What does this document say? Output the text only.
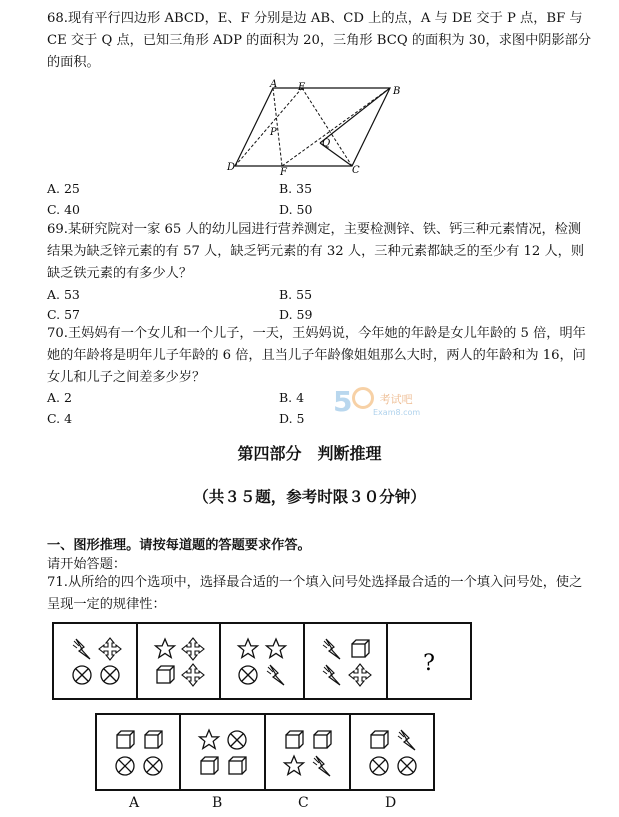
68.现有平行四边形 ABCD，E、F 分别是边 AB、CD 上的点，A 与 DE 交于 P 点，BF 与 CE 交于 Q 点，已知三角形 ADP 的面积为 20，三角形 BCQ 的面积为 30，求图中阴影部分的面积。
A E	B
P
Q
D	F	C
A. 25	B. 35
C. 40	D. 50
69.某研究院对一家 65 人的幼儿园进行营养测定，主要检测锌、铁、钙三种元素情况，检测结果为缺乏锌元素的有 57 人，缺乏钙元素的有 32 人，三种元素都缺乏的至少有 12 人，则缺乏铁元素的有多少人？
A. 53	B. 55
C. 57	D. 59
70.王妈妈有一个女儿和一个儿子，一天，王妈妈说，今年她的年龄是女儿年龄的 5 倍，明年她的年龄将是明年儿子年龄的 6 倍，且当儿子年龄像姐姐那么大时，两人的年龄和为 16，问女儿和儿子之间差多少岁？
A. 2	B. 4
C. 4	D. 5
5 $^{考试吧}$
Exam8.com
第四部分　判断推理
（共３５题，参考时限３０分钟）
一、图形推理。请按每道题的答题要求作答。
请开始答题：
71.从所给的四个选项中，选择最合适的一个填入问号处选择最合适的一个填入问号处，使之呈现一定的规律性：
?
A	B	C	D
